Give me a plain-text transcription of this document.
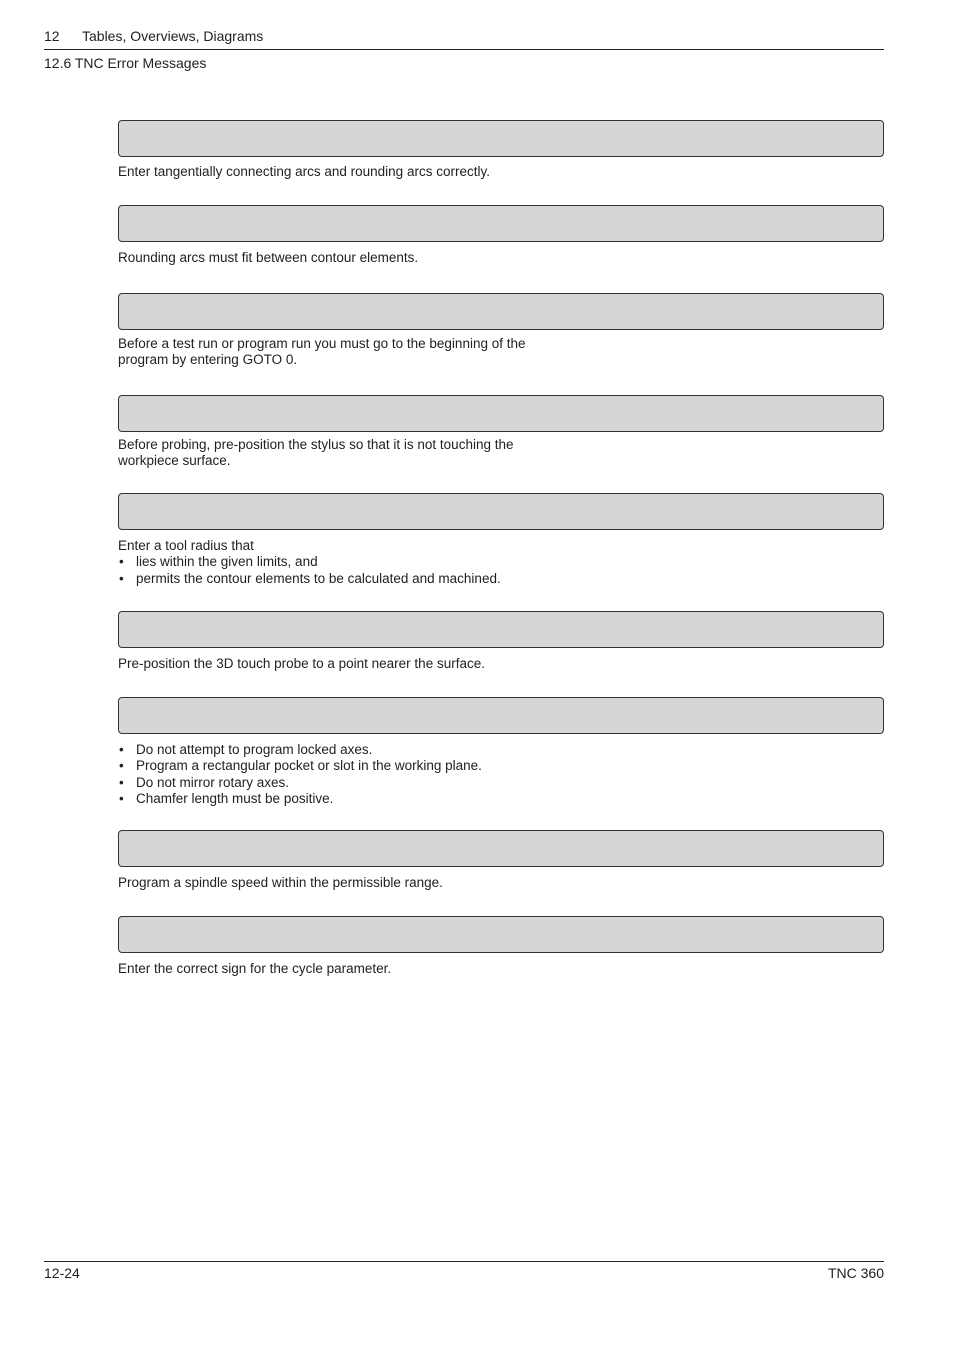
12 Tables, Overviews, Diagrams
12.6 TNC Error Messages

Enter tangentially connecting arcs and rounding arcs correctly.

Rounding arcs must fit between contour elements.

Before a test run or program run you must go to the beginning of the

program by entering GOTO 0.

Before probing, pre-position the stylus so that it is not touching the

workpiece surface.

Enter a tool radius that

• lies within the given limits, and
• permits the contour elements to be calculated and machined.

Pre-position the 3D touch probe to a point nearer the surface.

• Do not attempt to program locked axes.
• Program a rectangular pocket or slot in the working plane.
• Do not mirror rotary axes.
• Chamfer length must be positive.

Program a spindle speed within the permissible range.

Enter the correct sign for the cycle parameter.

12-24	TNC 360
